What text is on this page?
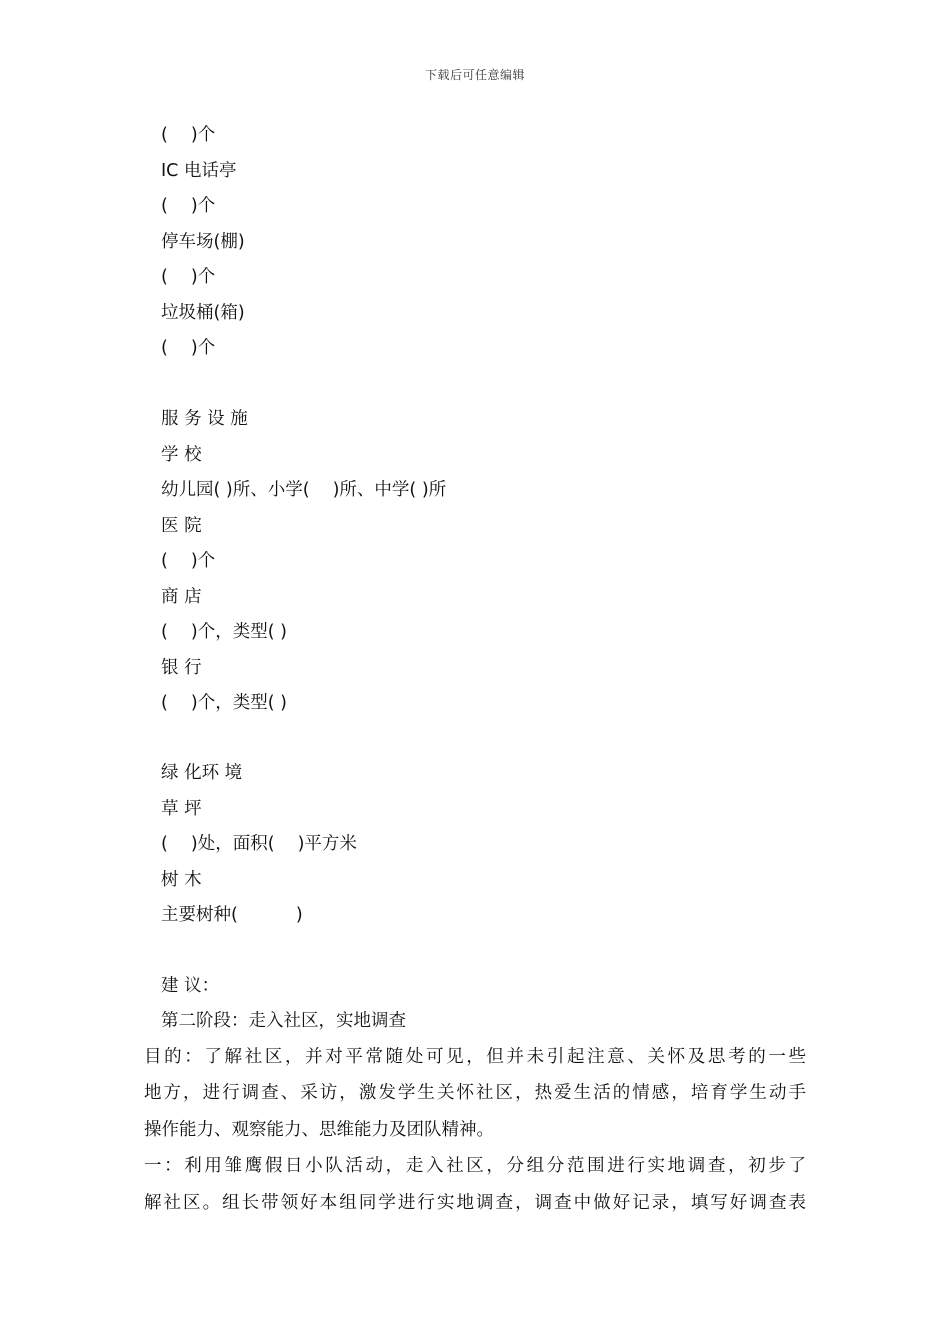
下载后可任意编辑
(　 )个
IC 电话亭
(　 )个
停车场(棚)
(　 )个
垃圾桶(箱)
(　 )个
服 务 设 施
学 校
幼儿园( )所、小学(　 )所、中学( )所
医 院
(　 )个
商 店
(　 )个，类型( )
银 行
(　 )个，类型( )
绿 化环 境
草 坪
(　 )处，面积(　 )平方米
树 木
主要树种(　　　 )
建 议：
第二阶段：走入社区，实地调查
目的：了解社区，并对平常随处可见，但并未引起注意、关怀及思考的一些
地方，进行调查、采访，激发学生关怀社区，热爱生活的情感，培育学生动手
操作能力、观察能力、思维能力及团队精神。
一：利用雏鹰假日小队活动，走入社区，分组分范围进行实地调查，初步了
解社区。组长带领好本组同学进行实地调查，调查中做好记录，填写好调查表
